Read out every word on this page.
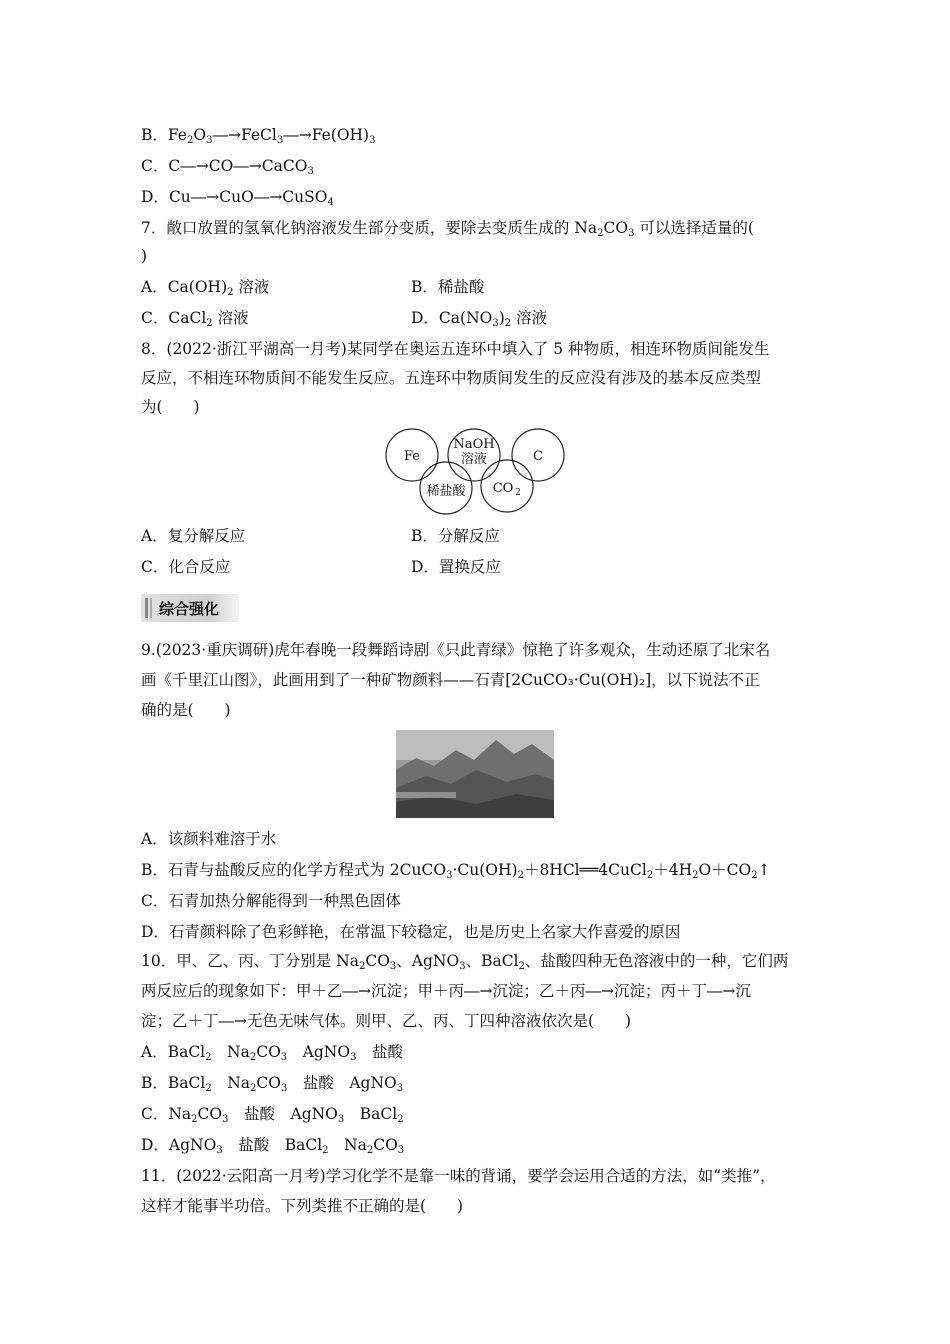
B．$Fe_2O_3―\to FeCl_3―\to Fe(OH)_3$
C．C―→CO―→CaCO$_3$
D．Cu―→CuO―→CuSO$_4$
7．敞口放置的氢氧化钠溶液发生部分变质，要除去变质生成的 $Na_2CO_3$ 可以选择适量的(
)
A．$Ca(OH)_2$ 溶液	B．稀盐酸
C．CaCl$_2$ 溶液	D．$Ca(NO_3)_2$ 溶液
8．(2022·浙江平湖高一月考)某同学在奥运五连环中填入了 5 种物质，相连环物质间能发生
反应，不相连环物质间不能发生反应。五连环中物质间发生的反应没有涉及的基本反应类型
为(　　)
Fe
NaOH
溶液	C
稀盐酸 CO 2
A．复分解反应	B．分解反应
C．化合反应	D．置换反应
综合强化
9.(2023·重庆调研)虎年春晚一段舞蹈诗剧《只此青绿》惊艳了许多观众，生动还原了北宋名
画《千里江山图》，此画用到了一种矿物颜料——石青[2CuCO₃·Cu(OH)₂]，以下说法不正
确的是(　　)
A．该颜料难溶于水
B．石青与盐酸反应的化学方程式为 $2CuCO_3\cdot Cu(OH)_2+8HCl══4CuCl_2+4H_2O+CO_2↑$
C．石青加热分解能得到一种黑色固体
D．石青颜料除了色彩鲜艳，在常温下较稳定，也是历史上名家大作喜爱的原因
10．甲、乙、丙、丁分别是 $Na_2CO_3$、AgNO$_3$、BaCl$_2$、盐酸四种无色溶液中的一种，它们两
两反应后的现象如下：甲＋乙―→沉淀；甲＋丙―→沉淀；乙＋丙―→沉淀；丙＋丁―→沉
淀；乙＋丁―→无色无味气体。则甲、乙、丙、丁四种溶液依次是(　　)
A．BaCl$_2$　$Na_2CO_3$　AgNO$_3$　盐酸
B．BaCl$_2$　$Na_2CO_3$　盐酸　AgNO$_3$
C．$Na_2CO_3$　盐酸　AgNO$_3$　BaCl$_2$
D．AgNO$_3$　盐酸　BaCl$_2$　$Na_2CO_3$
11．(2022·云阳高一月考)学习化学不是靠一味的背诵，要学会运用合适的方法，如“类推”，
这样才能事半功倍。下列类推不正确的是(　　)
